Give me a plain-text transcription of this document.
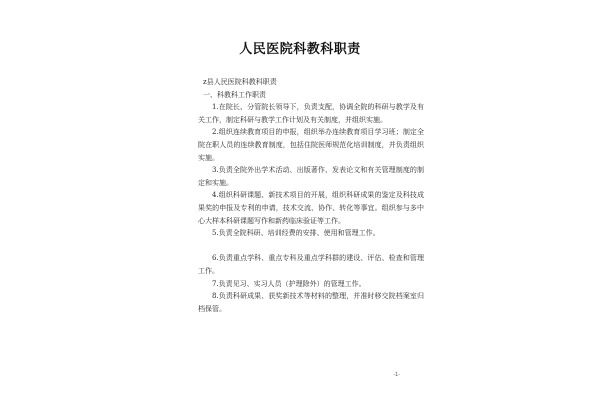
人民医院科教科职责

z县人民医院科教科职责

一、科教科工作职责

1.在院长、分管院长领导下，负责支配，协调全院的科研与教学及有关工作，制定科研与教学工作计划及有关制度，并组织实施。

2.组织连续教育项目的申报，组织举办连续教育项目学习班；制定全院在职人员的连续教育制度，包括住院医师规范化培训制度，并负责组织实施。

3.负责全院外出学术活动、出版著作、发表论文和有关管理制度的制定和实施。

4.组织科研课题、新技术项目的开展，组织科研成果的鉴定及科技成果奖的申报及专利的申请，技术交流、协作、转化等事宜。组织参与多中心大样本科研课题写作和新药临床验证等工作。

5.负责全院科研、培训经费的安排、使用和管理工作。

6.负责重点学科、重点专科及重点学科群的建设、评估、检查和管理工作。

7.负责见习、实习人员（护理除外）的管理工作。

8.负责科研成果、获奖新技术等材料的整理，并准时移交院档案室归档保管。

-1-
